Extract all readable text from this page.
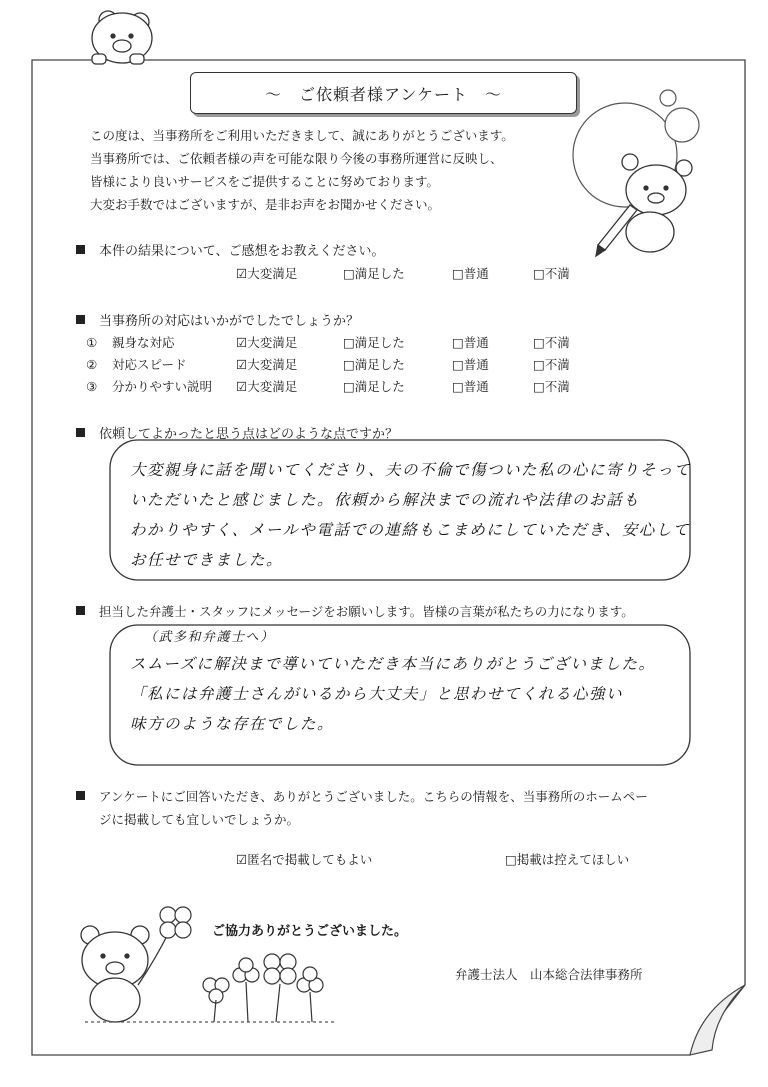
～　ご依頼者様アンケート　～
この度は、当事務所をご利用いただきまして、誠にありがとうございます。
当事務所では、ご依頼者様の声を可能な限り今後の事務所運営に反映し、
皆様により良いサービスをご提供することに努めております。
大変お手数ではございますが、是非お声をお聞かせください。
本件の結果について、ご感想をお教えください。
☑大変満足	□満足した	□普通	□不満
当事務所の対応はいかがでしたでしょうか？
① 親身な対応	☑大変満足	□満足した	□普通	□不満
② 対応スピード	☑大変満足	□満足した	□普通	□不満
③ 分かりやすい説明 ☑大変満足	□満足した	□普通	□不満
依頼してよかったと思う点はどのような点ですか？
大変親身に話を聞いてくださり、夫の不倫で傷ついた私の心に寄りそって
いただいたと感じました。依頼から解決までの流れや法律のお話も
わかりやすく、メールや電話での連絡もこまめにしていただき、安心して
お任せできました。
担当した弁護士・スタッフにメッセージをお願いします。皆様の言葉が私たちの力になります。
（武多和弁護士へ）
スムーズに解決まで導いていただき本当にありがとうございました。
「私には弁護士さんがいるから大丈夫」と思わせてくれる心強い
味方のような存在でした。
アンケートにご回答いただき、ありがとうございました。こちらの情報を、当事務所のホームペー
ジに掲載しても宜しいでしょうか。
☑匿名で掲載してもよい	□掲載は控えてほしい
ご協力ありがとうございました。
弁護士法人　山本総合法律事務所
